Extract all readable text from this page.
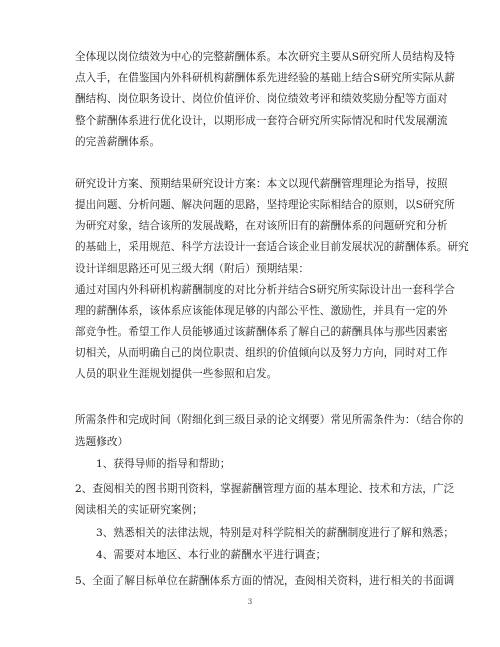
全体现以岗位绩效为中心的完整薪酬体系。本次研究主要从S研究所人员结构及特
点入手，在借鉴国内外科研机构薪酬体系先进经验的基础上结合S研究所实际从薪
酬结构、岗位职务设计、岗位价值评价、岗位绩效考评和绩效奖励分配等方面对
整个薪酬体系进行优化设计，以期形成一套符合研究所实际情况和时代发展潮流
的完善薪酬体系。
研究设计方案、预期结果研究设计方案：本文以现代薪酬管理理论为指导，按照
提出问题、分析问题、解决问题的思路，坚持理论实际相结合的原则，以S研究所
为研究对象，结合该所的发展战略，在对该所旧有的薪酬体系的问题研究和分析
的基础上，采用规范、科学方法设计一套适合该企业目前发展状况的薪酬体系。研究
设计详细思路还可见三级大纲（附后）预期结果：
通过对国内外科研机构薪酬制度的对比分析并结合S研究所实际设计出一套科学合
理的薪酬体系，该体系应该能体现足够的内部公平性、激励性，并具有一定的外
部竞争性。希望工作人员能够通过该薪酬体系了解自己的薪酬具体与那些因素密
切相关，从而明确自己的岗位职责、组织的价值倾向以及努力方向，同时对工作
人员的职业生涯规划提供一些参照和启发。
所需条件和完成时间（附细化到三级目录的论文纲要）常见所需条件为：（结合你的
选题修改）
1、获得导师的指导和帮助；
2、查阅相关的图书期刊资料，掌握薪酬管理方面的基本理论、技术和方法，广泛
阅读相关的实证研究案例；
3、熟悉相关的法律法规，特别是对科学院相关的薪酬制度进行了解和熟悉；
4、需要对本地区、本行业的薪酬水平进行调查；
5、全面了解目标单位在薪酬体系方面的情况，查阅相关资料，进行相关的书面调
3
